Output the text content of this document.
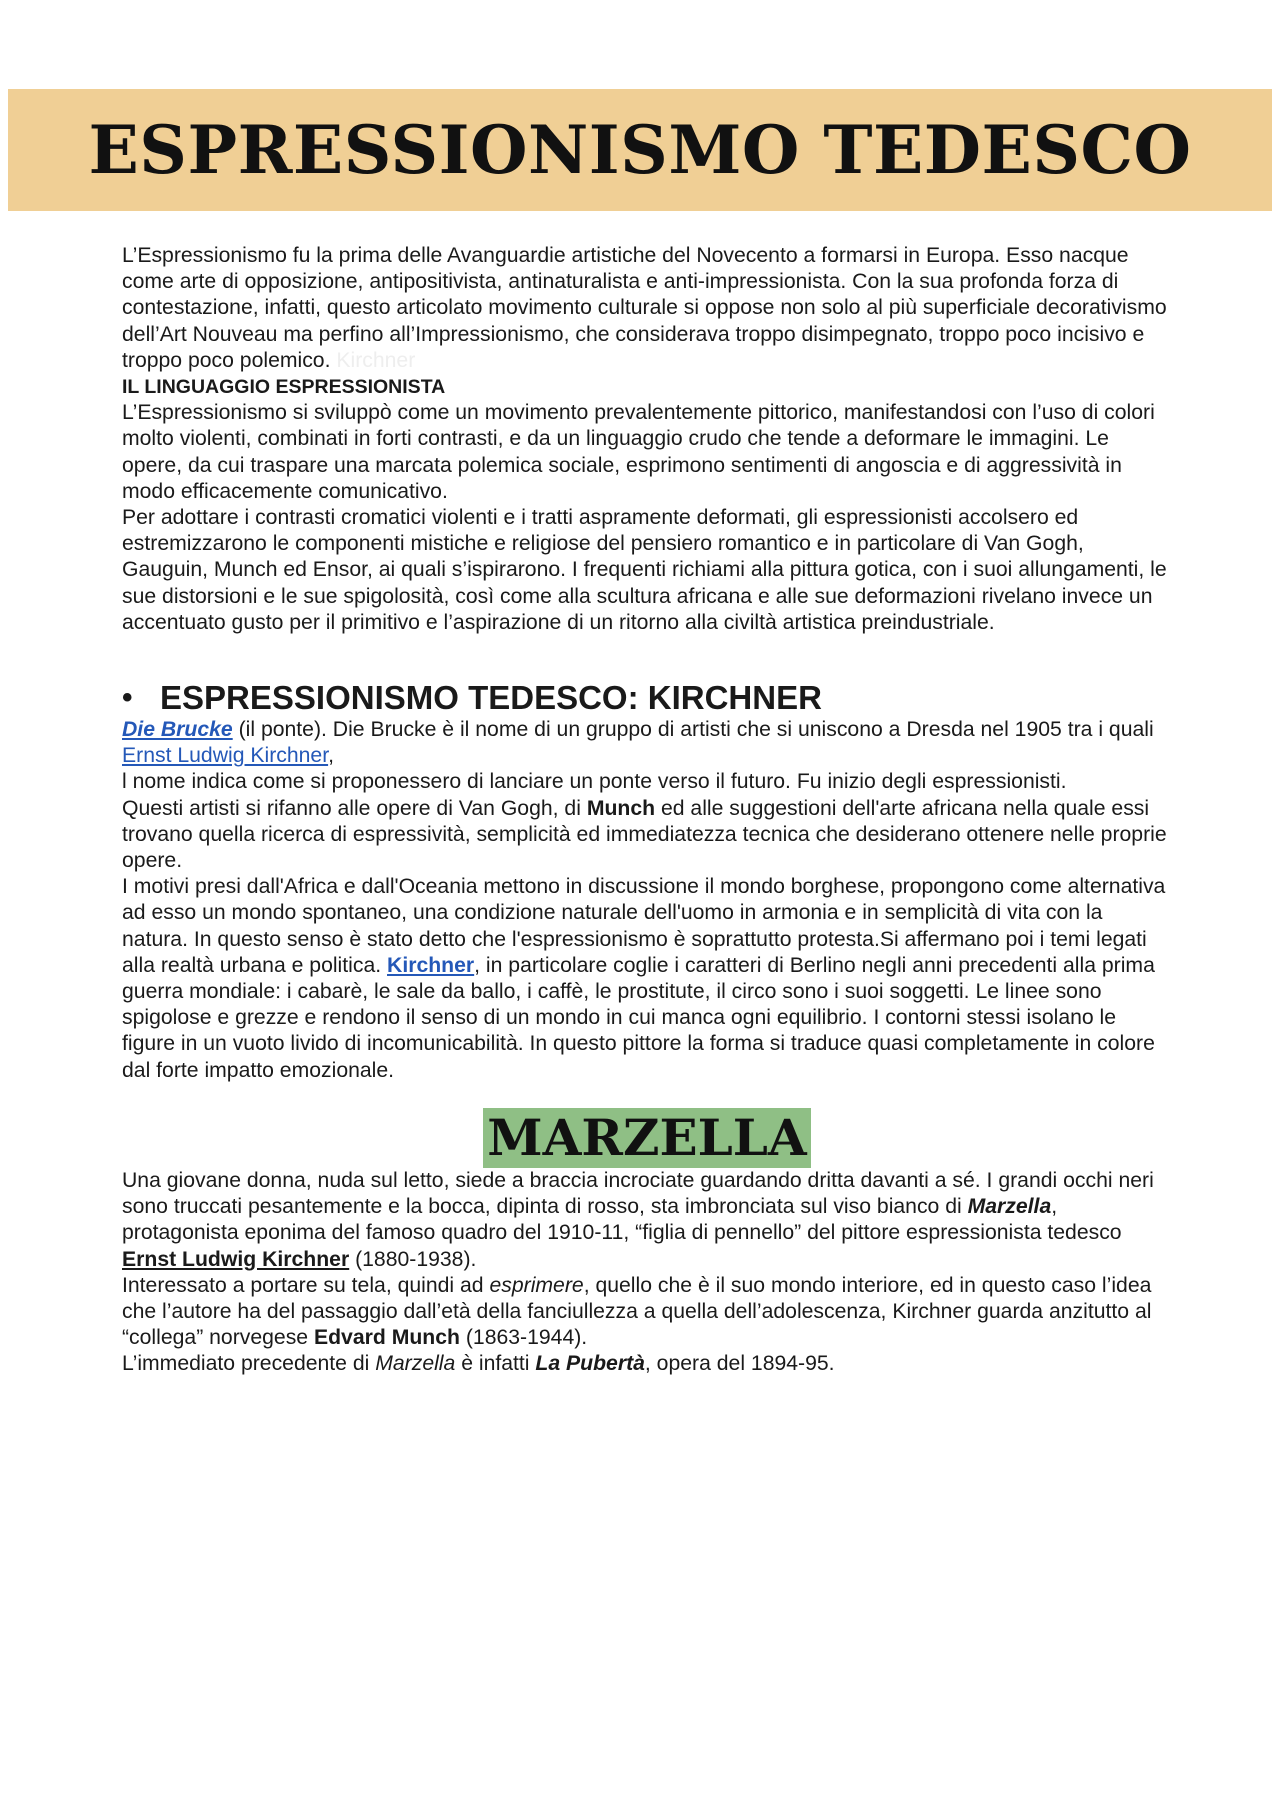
ESPRESSIONISMO TEDESCO

L’Espressionismo fu la prima delle Avanguardie artistiche del Novecento a formarsi in Europa. Esso nacque come arte di opposizione, antipositivista, antinaturalista e anti-impressionista. Con la sua profonda forza di contestazione, infatti, questo articolato movimento culturale si oppose non solo al più superficiale decorativismo dell’Art Nouveau ma perfino all’Impressionismo, che considerava troppo disimpegnato, troppo poco incisivo e troppo poco polemico. Kirchner

IL LINGUAGGIO ESPRESSIONISTA

L’Espressionismo si sviluppò come un movimento prevalentemente pittorico, manifestandosi con l’uso di colori molto violenti, combinati in forti contrasti, e da un linguaggio crudo che tende a deformare le immagini. Le opere, da cui traspare una marcata polemica sociale, esprimono sentimenti di angoscia e di aggressività in modo efficacemente comunicativo.

Per adottare i contrasti cromatici violenti e i tratti aspramente deformati, gli espressionisti accolsero ed estremizzarono le componenti mistiche e religiose del pensiero romantico e in particolare di Van Gogh, Gauguin, Munch ed Ensor, ai quali s’ispirarono. I frequenti richiami alla pittura gotica, con i suoi allungamenti, le sue distorsioni e le sue spigolosità, così come alla scultura africana e alle sue deformazioni rivelano invece un accentuato gusto per il primitivo e l’aspirazione di un ritorno alla civiltà artistica preindustriale.

• ESPRESSIONISMO TEDESCO: KIRCHNER

Die Brucke (il ponte). Die Brucke è il nome di un gruppo di artisti che si uniscono a Dresda nel 1905 tra i quali Ernst Ludwig Kirchner,

l nome indica come si proponessero di lanciare un ponte verso il futuro. Fu inizio degli espressionisti.

Questi artisti si rifanno alle opere di Van Gogh, di Munch ed alle suggestioni dell'arte africana nella quale essi trovano quella ricerca di espressività, semplicità ed immediatezza tecnica che desiderano ottenere nelle proprie opere.

I motivi presi dall'Africa e dall'Oceania mettono in discussione il mondo borghese, propongono come alternativa ad esso un mondo spontaneo, una condizione naturale dell'uomo in armonia e in semplicità di vita con la natura. In questo senso è stato detto che l'espressionismo è soprattutto protesta.Si affermano poi i temi legati alla realtà urbana e politica. Kirchner, in particolare coglie i caratteri di Berlino negli anni precedenti alla prima guerra mondiale: i cabarè, le sale da ballo, i caffè, le prostitute, il circo sono i suoi soggetti. Le linee sono spigolose e grezze e rendono il senso di un mondo in cui manca ogni equilibrio. I contorni stessi isolano le figure in un vuoto livido di incomunicabilità. In questo pittore la forma si traduce quasi completamente in colore dal forte impatto emozionale.

MARZELLA

Una giovane donna, nuda sul letto, siede a braccia incrociate guardando dritta davanti a sé. I grandi occhi neri sono truccati pesantemente e la bocca, dipinta di rosso, sta imbronciata sul viso bianco di Marzella, protagonista eponima del famoso quadro del 1910-11, “figlia di pennello” del pittore espressionista tedesco Ernst Ludwig Kirchner (1880-1938).

Interessato a portare su tela, quindi ad esprimere, quello che è il suo mondo interiore, ed in questo caso l’idea che l’autore ha del passaggio dall’età della fanciullezza a quella dell’adolescenza, Kirchner guarda anzitutto al “collega” norvegese Edvard Munch (1863-1944).

L’immediato precedente di Marzella è infatti La Pubertà, opera del 1894-95.
